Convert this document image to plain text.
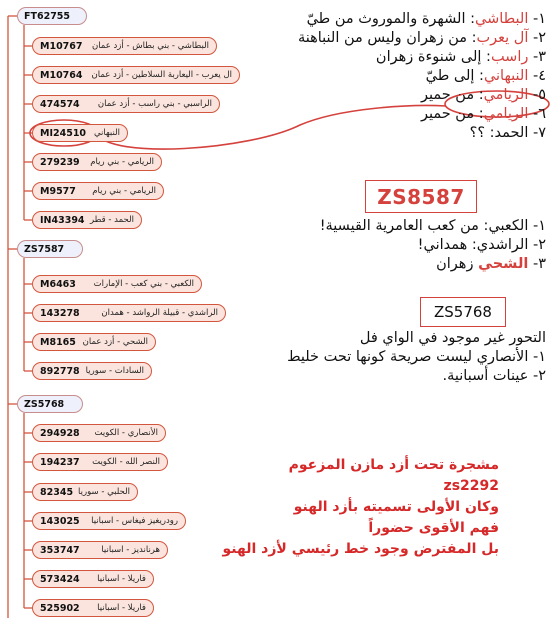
FT62755
M10767 البطاشي - بني بطاش - أزد عمان
M10764 ال يعرب - اليعاربة السلاطين - أزد عمان
474574 الراسبي - بني راسب - أزد عمان
MI24510 النبهاني
279239 الريامي - بني ريام
M9577 الريامي - بني ريام
IN43394 الحمد - قطر
ZS7587
M6463 الكعبي - بني كعب - الإمارات
143278	الراشدي - قبيلة الرواشد - همدان
M8165 الشحي - أزد عمان
892778 السادات - سوريا
ZS5768
294928 الأنصاري - الكويت
194237 النصر الله - الكويت
82345 الحلبي - سوريا
143025 رودريغيز فيغاس - اسبانيا
353747	هرنانديز - اسبانيا
573424 فاريلا - اسبانيا
525902 فاريلا - اسبانيا
١- البطاشي: الشهرة والموروث من طيّ
٢- آل يعرب: من زهران وليس من النباهنة
٣- راسب: إلى شنوءة زهران
٤- النبهاني: إلى طيّ
٥- الريامي: من حمير
٦- الريامي: من حمير
٧- الحمد: ؟؟
ZS8587
١- الكعبي: من كعب العامرية القيسية!
٢- الراشدي: همداني!
٣- الشحي زهران
ZS5768
التحور غير موجود في الواي فل
١- الأنصاري ليست صريحة كونها تحت خليط
٢- عينات أسبانية.
مشجرة تحت أزد مازن المزعوم
zs2292
وكان الأولى تسميته بأزد الهنو
فهم الأقوى حضوراً
بل المفترض وجود خط رئيسي لأزد الهنو
